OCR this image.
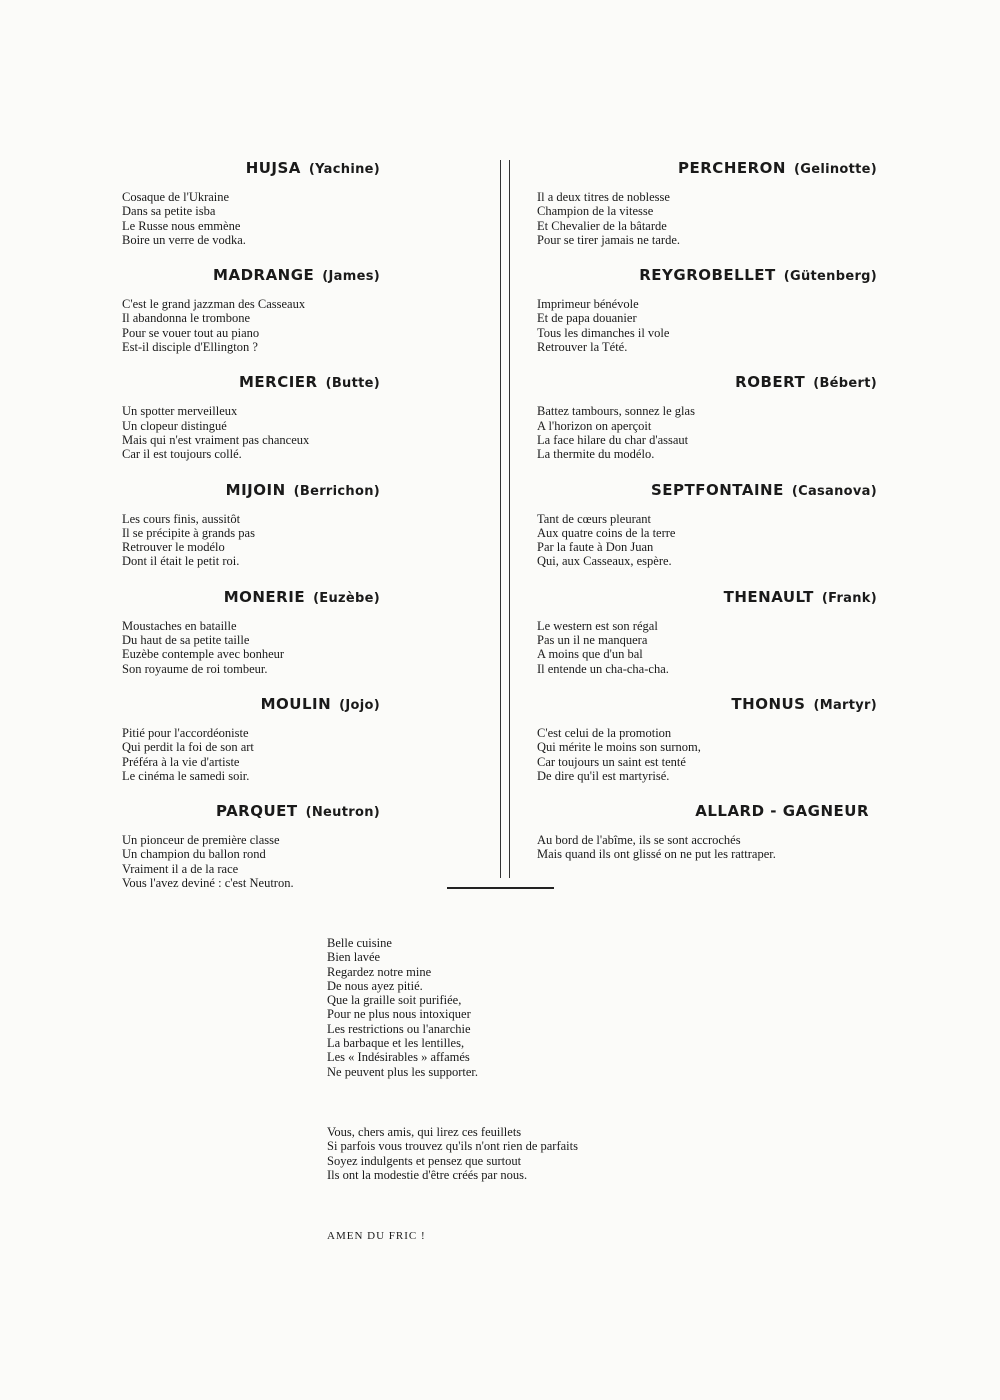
HUJSA (Yachine)
Cosaque de l'Ukraine
Dans sa petite isba
Le Russe nous emmène
Boire un verre de vodka.
MADRANGE (James)
C'est le grand jazzman des Casseaux
Il abandonna le trombone
Pour se vouer tout au piano
Est-il disciple d'Ellington ?
MERCIER (Butte)
Un spotter merveilleux
Un clopeur distingué
Mais qui n'est vraiment pas chanceux
Car il est toujours collé.
MIJOIN (Berrichon)
Les cours finis, aussitôt
Il se précipite à grands pas
Retrouver le modélo
Dont il était le petit roi.
MONERIE (Euzèbe)
Moustaches en bataille
Du haut de sa petite taille
Euzèbe contemple avec bonheur
Son royaume de roi tombeur.
MOULIN (Jojo)
Pitié pour l'accordéoniste
Qui perdit la foi de son art
Préféra à la vie d'artiste
Le cinéma le samedi soir.
PARQUET (Neutron)
Un pionceur de première classe
Un champion du ballon rond
Vraiment il a de la race
Vous l'avez deviné : c'est Neutron.
PERCHERON (Gelinotte)
Il a deux titres de noblesse
Champion de la vitesse
Et Chevalier de la bâtarde
Pour se tirer jamais ne tarde.
REYGROBELLET (Gütenberg)
Imprimeur bénévole
Et de papa douanier
Tous les dimanches il vole
Retrouver la Tété.
ROBERT (Bébert)
Battez tambours, sonnez le glas
A l'horizon on aperçoit
La face hilare du char d'assaut
La thermite du modélo.
SEPTFONTAINE (Casanova)
Tant de cœurs pleurant
Aux quatre coins de la terre
Par la faute à Don Juan
Qui, aux Casseaux, espère.
THENAULT (Frank)
Le western est son régal
Pas un il ne manquera
A moins que d'un bal
Il entende un cha-cha-cha.
THONUS (Martyr)
C'est celui de la promotion
Qui mérite le moins son surnom,
Car toujours un saint est tenté
De dire qu'il est martyrisé.
ALLARD - GAGNEUR
Au bord de l'abîme, ils se sont accrochés
Mais quand ils ont glissé on ne put les rattraper.
Belle cuisine
Bien lavée
Regardez notre mine
De nous ayez pitié.
Que la graille soit purifiée,
Pour ne plus nous intoxiquer
Les restrictions ou l'anarchie
La barbaque et les lentilles,
Les « Indésirables » affamés
Ne peuvent plus les supporter.
Vous, chers amis, qui lirez ces feuillets
Si parfois vous trouvez qu'ils n'ont rien de parfaits
Soyez indulgents et pensez que surtout
Ils ont la modestie d'être créés par nous.
AMEN DU FRIC !
